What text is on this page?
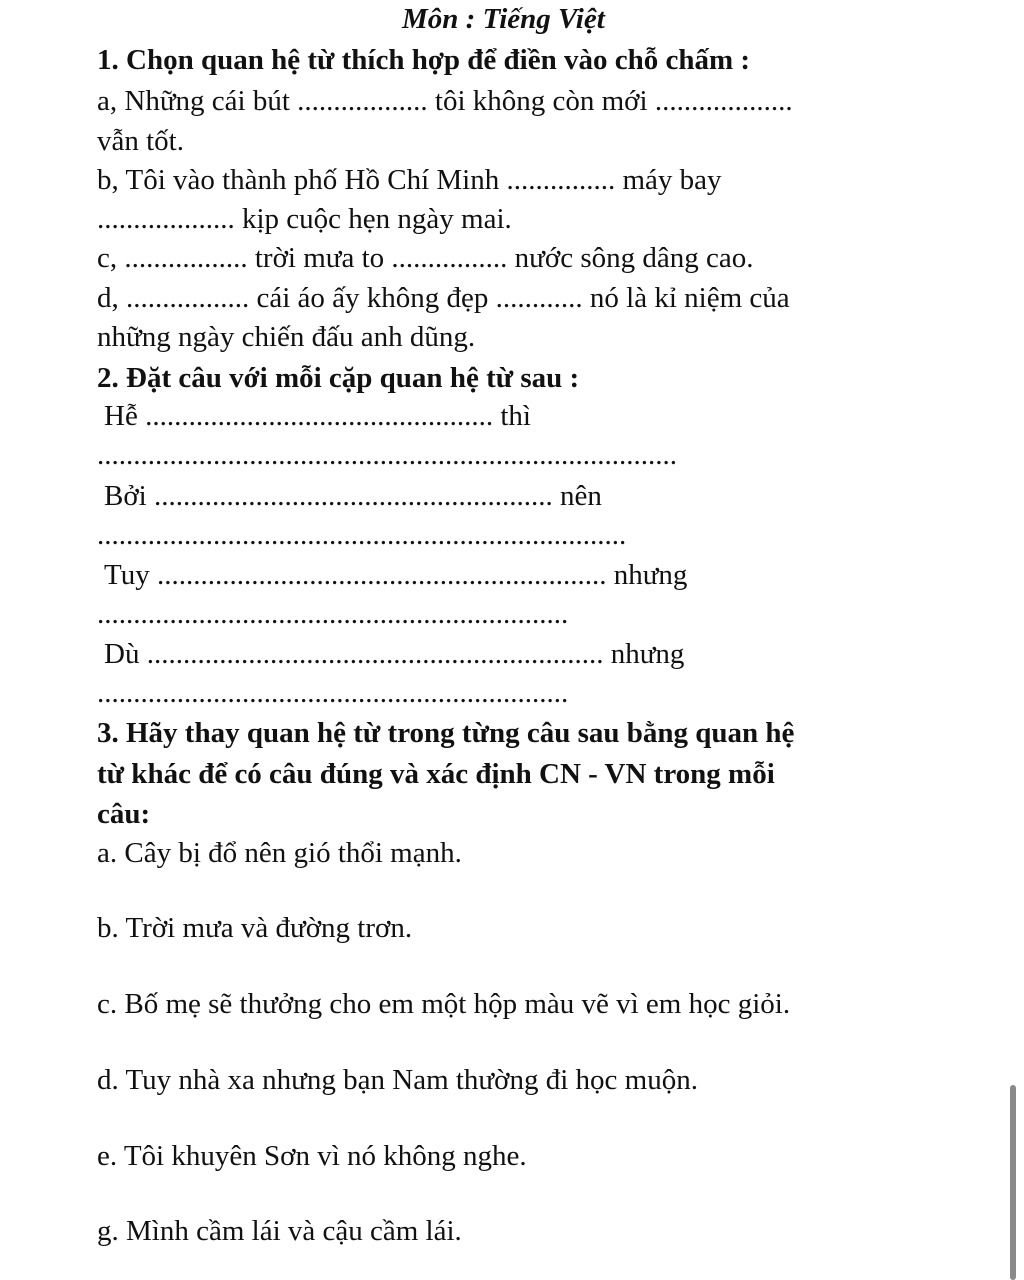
Môn : Tiếng Việt
1. Chọn quan hệ từ thích hợp để điền vào chỗ chấm :
a, Những cái bút .................. tôi không còn mới ...................
vẫn tốt.
b, Tôi vào thành phố Hồ Chí Minh ............... máy bay
................... kịp cuộc hẹn ngày mai.
c, ................. trời mưa to ................ nước sông dâng cao.
d, ................. cái áo ấy không đẹp ............ nó là kỉ niệm của
những ngày chiến đấu anh dũng.
2. Đặt câu với mỗi cặp quan hệ từ sau :
Hễ ................................................ thì
................................................................................
Bởi ....................................................... nên
.........................................................................
Tuy .............................................................. nhưng
.................................................................
Dù ............................................................... nhưng
.................................................................
3. Hãy thay quan hệ từ trong từng câu sau bằng quan hệ
từ khác để có câu đúng và xác định CN - VN trong mỗi
câu:
a. Cây bị đổ nên gió thổi mạnh.
b. Trời mưa và đường trơn.
c. Bố mẹ sẽ thưởng cho em một hộp màu vẽ vì em học giỏi.
d. Tuy nhà xa nhưng bạn Nam thường đi học muộn.
e. Tôi khuyên Sơn vì nó không nghe.
g. Mình cầm lái và cậu cầm lái.
